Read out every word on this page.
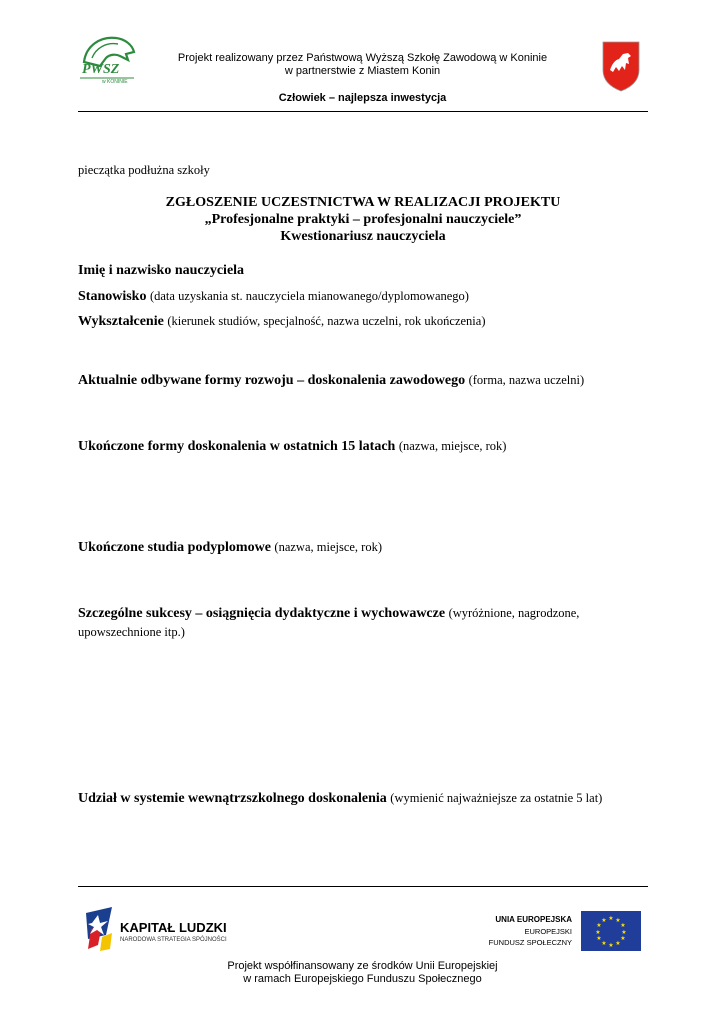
PWSZ
w KONINIE
Projekt realizowany przez Państwową Wyższą Szkołę Zawodową w Koninie
w partnerstwie z Miastem Konin
Człowiek – najlepsza inwestycja
pieczątka podłużna szkoły
ZGŁOSZENIE UCZESTNICTWA W REALIZACJI PROJEKTU
„Profesjonalne praktyki – profesjonalni nauczyciele”
Kwestionariusz nauczyciela
Imię i nazwisko nauczyciela
Stanowisko (data uzyskania st. nauczyciela mianowanego/dyplomowanego)
Wykształcenie (kierunek studiów, specjalność, nazwa uczelni, rok ukończenia)
Aktualnie odbywane formy rozwoju – doskonalenia zawodowego (forma, nazwa uczelni)
Ukończone formy doskonalenia w ostatnich 15 latach (nazwa, miejsce, rok)
Ukończone studia podyplomowe (nazwa, miejsce, rok)
Szczególne sukcesy – osiągnięcia dydaktyczne i wychowawcze (wyróżnione, nagrodzone, upowszechnione itp.)
Udział w systemie wewnątrzszkolnego doskonalenia (wymienić najważniejsze za ostatnie 5 lat)
KAPITAŁ LUDZKI
NARODOWA STRATEGIA SPÓJNOŚCI
UNIA EUROPEJSKA
EUROPEJSKI
FUNDUSZ SPOŁECZNY
★ ★
★
★
★
★
★
★
★
★
★
★
Projekt współfinansowany ze środków Unii Europejskiej
w ramach Europejskiego Funduszu Społecznego
